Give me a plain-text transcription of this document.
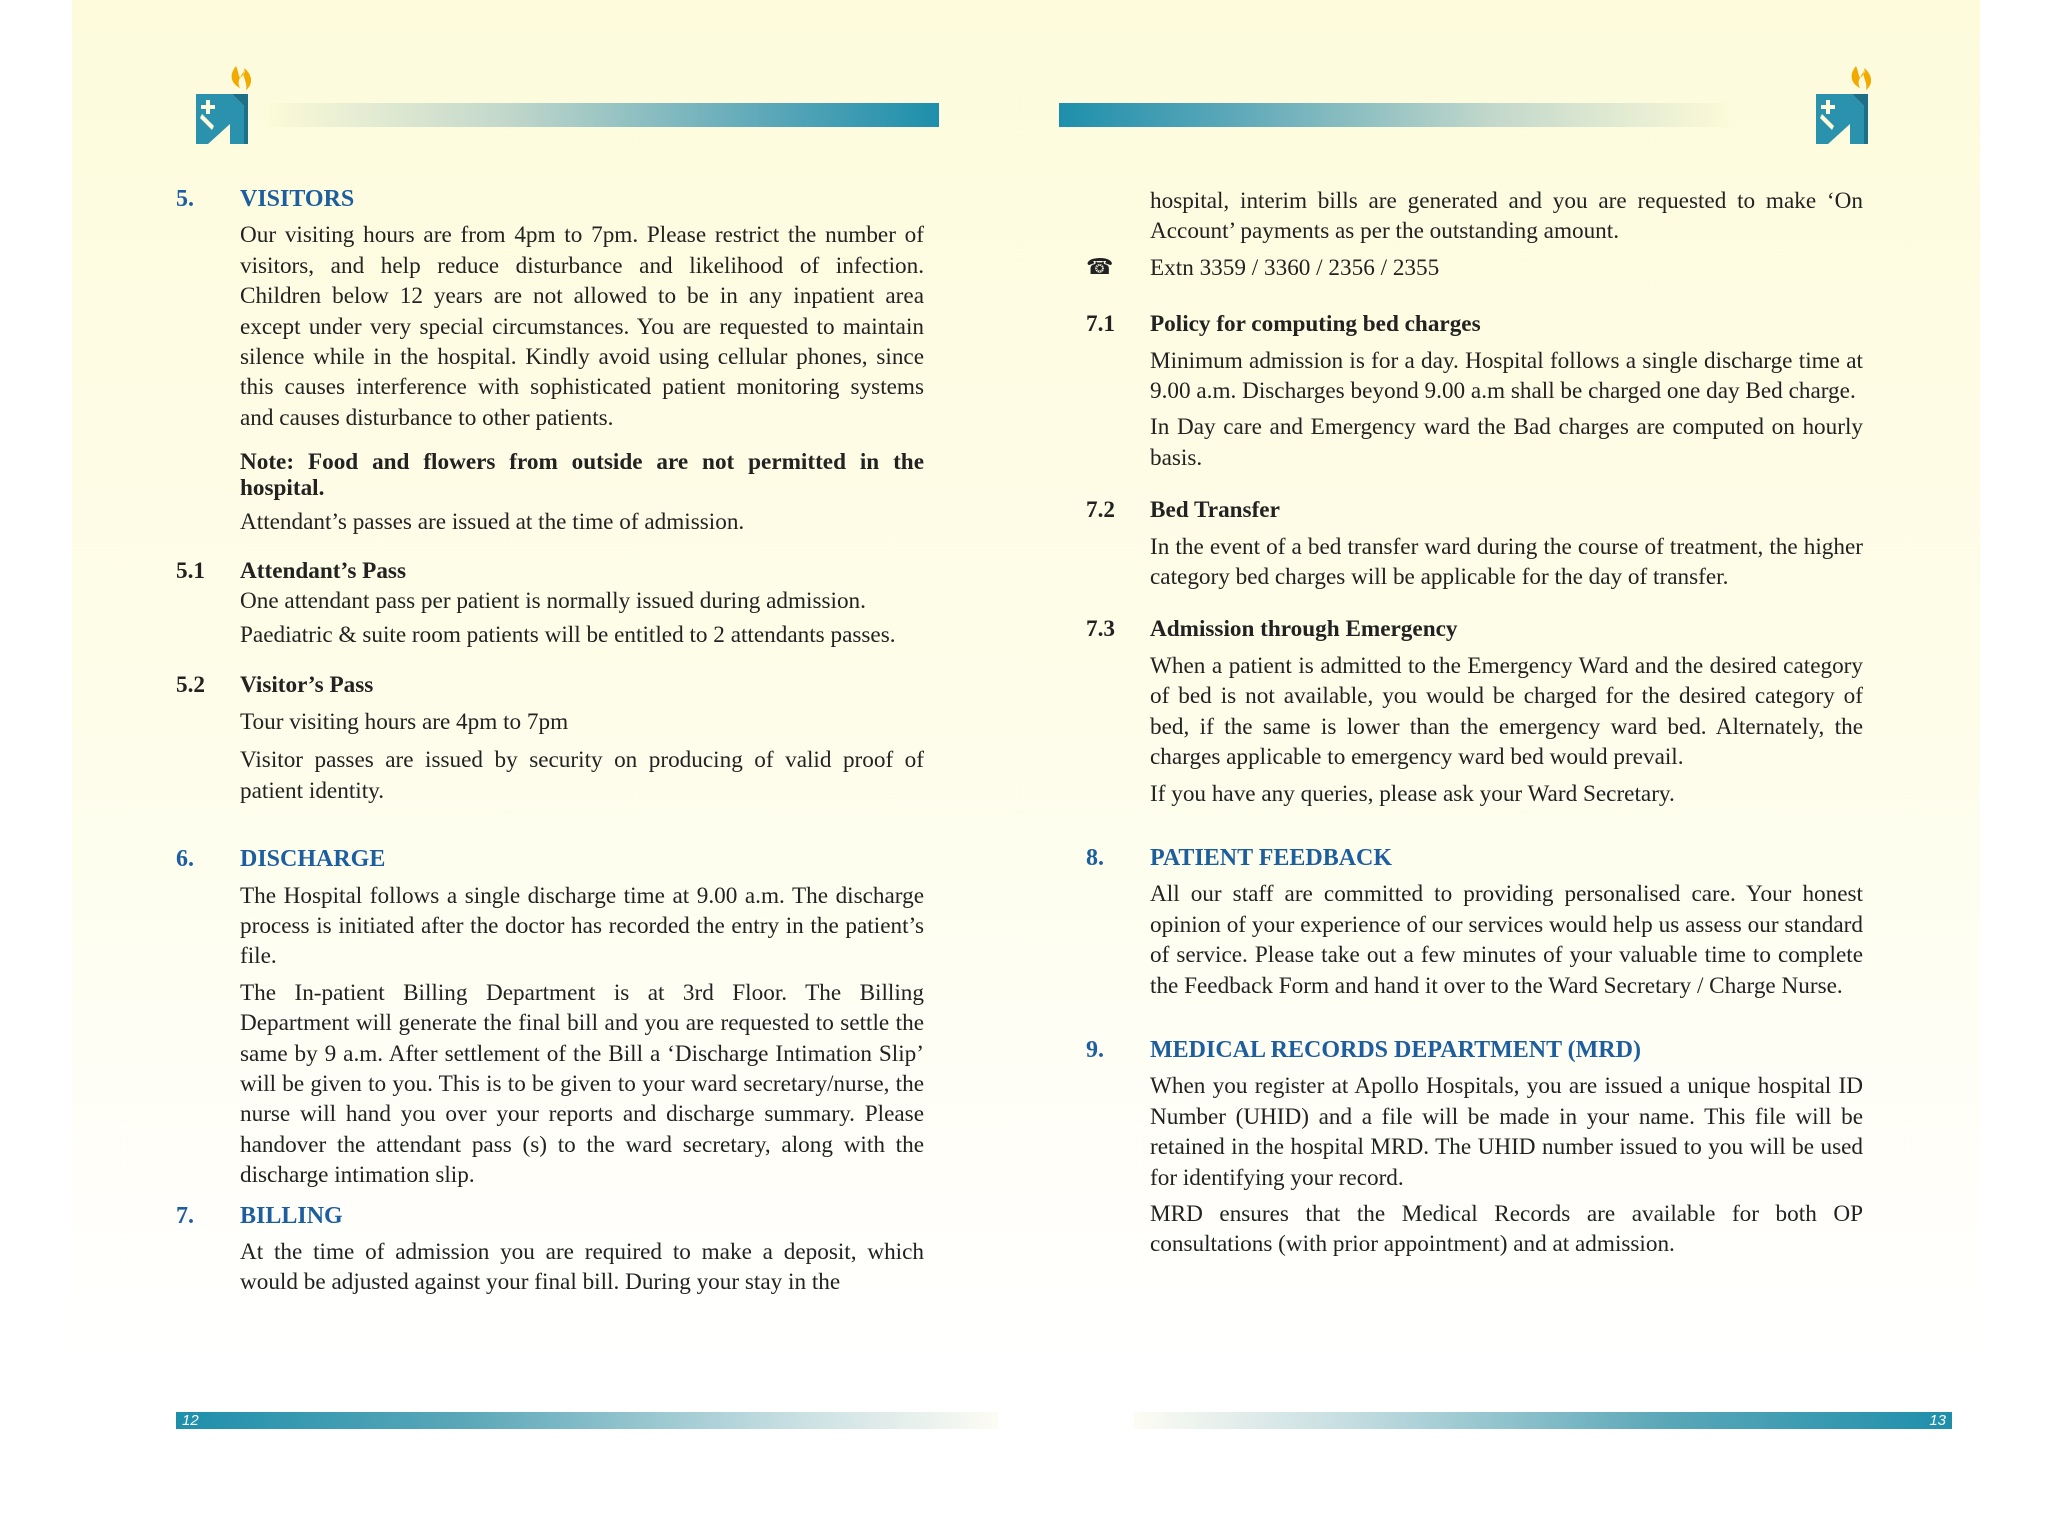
5.	VISITORS

Our visiting hours are from 4pm to 7pm. Please restrict the number of visitors, and help reduce disturbance and likelihood of infection. Children below 12 years are not allowed to be in any inpatient area except under very special circumstances. You are requested to maintain silence while in the hospital. Kindly avoid using cellular phones, since this causes interference with sophisticated patient monitoring systems and causes disturbance to other patients.

Note: Food and flowers from outside are not permitted in the hospital.

Attendant’s passes are issued at the time of admission.

5.1	Attendant’s Pass

One attendant pass per patient is normally issued during admission.

Paediatric & suite room patients will be entitled to 2 attendants passes.

5.2	Visitor’s Pass

Tour visiting hours are 4pm to 7pm

Visitor passes are issued by security on producing of valid proof of patient identity.

6.	DISCHARGE

The Hospital follows a single discharge time at 9.00 a.m. The discharge process is initiated after the doctor has recorded the entry in the patient’s file.

The In-patient Billing Department is at 3rd Floor. The Billing Department will generate the final bill and you are requested to settle the same by 9 a.m. After settlement of the Bill a ‘Discharge Intimation Slip’ will be given to you. This is to be given to your ward secretary/nurse, the nurse will hand you over your reports and discharge summary. Please handover the attendant pass (s) to the ward secretary, along with the discharge intimation slip.

7.	BILLING

At the time of admission you are required to make a deposit, which would be adjusted against your final bill. During your stay in the

12

hospital, interim bills are generated and you are requested to make ‘On Account’ payments as per the outstanding amount.

☎	Extn 3359 / 3360 / 2356 / 2355
7.1	Policy for computing bed charges

Minimum admission is for a day. Hospital follows a single discharge time at 9.00 a.m. Discharges beyond 9.00 a.m shall be charged one day Bed charge.

In Day care and Emergency ward the Bad charges are computed on hourly basis.

7.2	Bed Transfer

In the event of a bed transfer ward during the course of treatment, the higher category bed charges will be applicable for the day of transfer.

7.3	Admission through Emergency

When a patient is admitted to the Emergency Ward and the desired category of bed is not available, you would be charged for the desired category of bed, if the same is lower than the emergency ward bed. Alternately, the charges applicable to emergency ward bed would prevail.

If you have any queries, please ask your Ward Secretary.

8.	PATIENT FEEDBACK

All our staff are committed to providing personalised care. Your honest opinion of your experience of our services would help us assess our standard of service. Please take out a few minutes of your valuable time to complete the Feedback Form and hand it over to the Ward Secretary / Charge Nurse.

9.	MEDICAL RECORDS DEPARTMENT (MRD)

When you register at Apollo Hospitals, you are issued a unique hospital ID Number (UHID) and a file will be made in your name. This file will be retained in the hospital MRD. The UHID number issued to you will be used for identifying your record.

MRD ensures that the Medical Records are available for both OP consultations (with prior appointment) and at admission.

13
